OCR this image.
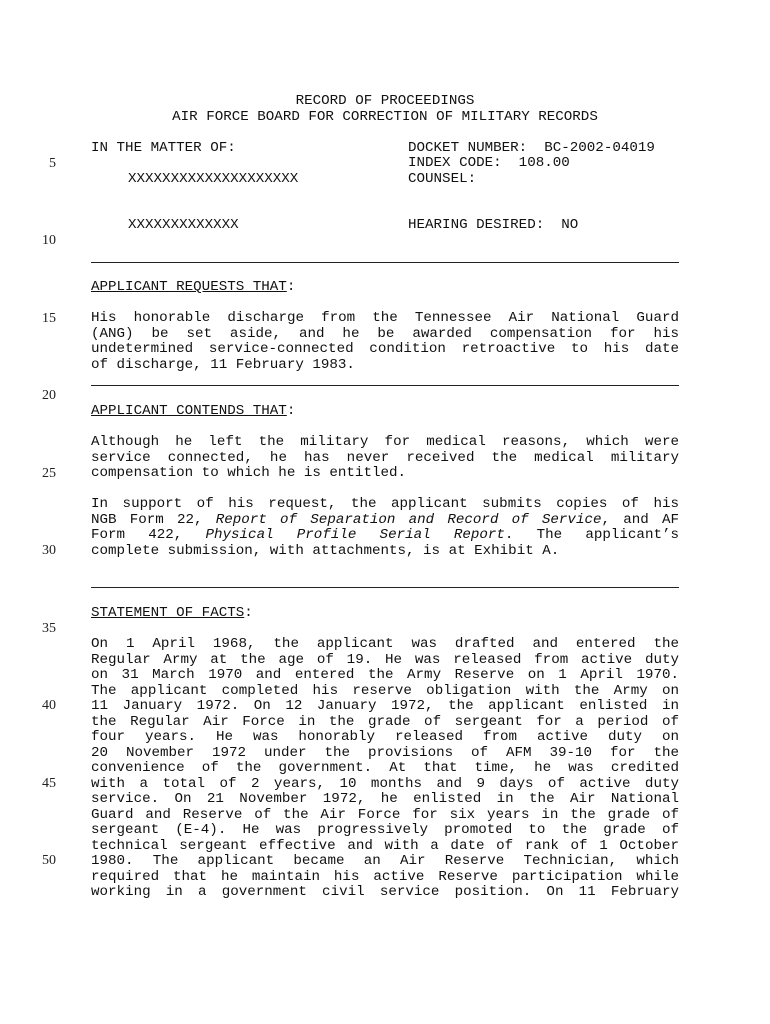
RECORD OF PROCEEDINGS
AIR FORCE BOARD FOR CORRECTION OF MILITARY RECORDS
IN THE MATTER OF:	DOCKET NUMBER:  BC-2002-04019
INDEX CODE:  108.00
XXXXXXXXXXXXXXXXXXXX	COUNSEL:
XXXXXXXXXXXXX	HEARING DESIRED:  NO
5
10
15
20
25
30
35
40
45
50
APPLICANT REQUESTS THAT:
His honorable discharge from the Tennessee Air National Guard
(ANG) be set aside, and he be awarded compensation for his
undetermined service-connected condition retroactive to his date
of discharge, 11 February 1983.
APPLICANT CONTENDS THAT:
Although he left the military for medical reasons, which were
service connected, he has never received the medical military
compensation to which he is entitled.
In support of his request, the applicant submits copies of his
NGB Form 22, Report of Separation and Record of Service, and AF
Form 422, Physical Profile Serial Report. The applicant’s
complete submission, with attachments, is at Exhibit A.
STATEMENT OF FACTS:
On 1 April 1968, the applicant was drafted and entered the
Regular Army at the age of 19. He was released from active duty
on 31 March 1970 and entered the Army Reserve on 1 April 1970.
The applicant completed his reserve obligation with the Army on
11 January 1972. On 12 January 1972, the applicant enlisted in
the Regular Air Force in the grade of sergeant for a period of
four years. He was honorably released from active duty on
20 November 1972 under the provisions of AFM 39-10 for the
convenience of the government. At that time, he was credited
with a total of 2 years, 10 months and 9 days of active duty
service. On 21 November 1972, he enlisted in the Air National
Guard and Reserve of the Air Force for six years in the grade of
sergeant (E-4). He was progressively promoted to the grade of
technical sergeant effective and with a date of rank of 1 October
1980. The applicant became an Air Reserve Technician, which
required that he maintain his active Reserve participation while
working in a government civil service position. On 11 February
